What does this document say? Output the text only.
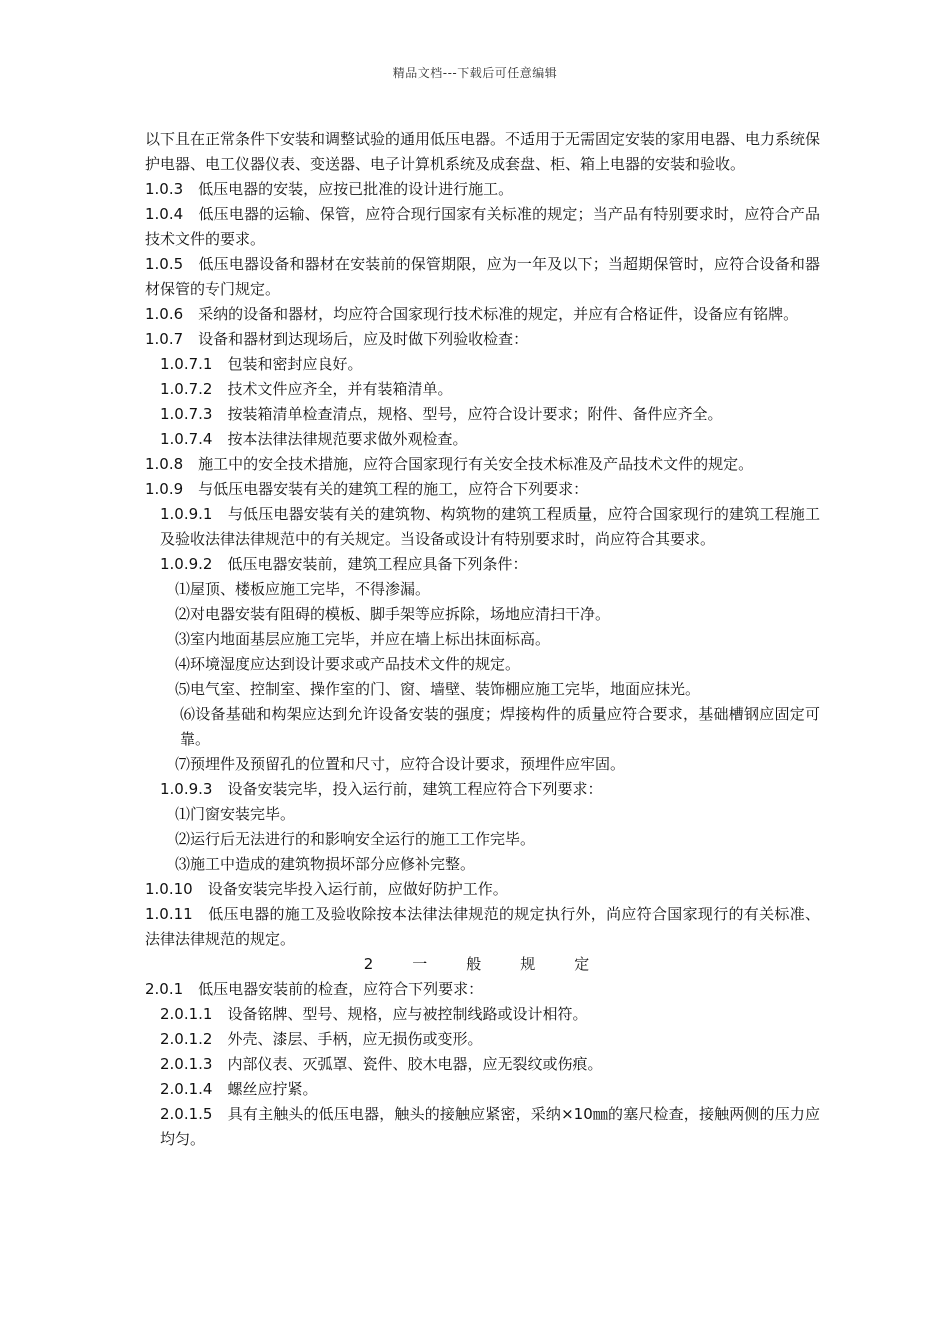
精品文档---下载后可任意编辑

以下且在正常条件下安装和调整试验的通用低压电器。不适用于无需固定安装的家用电器、电力系统保护电器、电工仪器仪表、变送器、电子计算机系统及成套盘、柜、箱上电器的安装和验收。

1.0.3　低压电器的安装，应按已批准的设计进行施工。

1.0.4　低压电器的运输、保管，应符合现行国家有关标准的规定；当产品有特别要求时，应符合产品技术文件的要求。

1.0.5　低压电器设备和器材在安装前的保管期限，应为一年及以下；当超期保管时，应符合设备和器材保管的专门规定。

1.0.6　采纳的设备和器材，均应符合国家现行技术标准的规定，并应有合格证件，设备应有铭牌。

1.0.7　设备和器材到达现场后，应及时做下列验收检查：

1.0.7.1　包装和密封应良好。

1.0.7.2　技术文件应齐全，并有装箱清单。

1.0.7.3　按装箱清单检查清点，规格、型号，应符合设计要求；附件、备件应齐全。

1.0.7.4　按本法律法律规范要求做外观检查。

1.0.8　施工中的安全技术措施，应符合国家现行有关安全技术标准及产品技术文件的规定。

1.0.9　与低压电器安装有关的建筑工程的施工，应符合下列要求：

1.0.9.1　与低压电器安装有关的建筑物、构筑物的建筑工程质量，应符合国家现行的建筑工程施工及验收法律法律规范中的有关规定。当设备或设计有特别要求时，尚应符合其要求。

1.0.9.2　低压电器安装前，建筑工程应具备下列条件：

⑴屋顶、楼板应施工完毕，不得渗漏。

⑵对电器安装有阻碍的模板、脚手架等应拆除，场地应清扫干净。

⑶室内地面基层应施工完毕，并应在墙上标出抹面标高。

⑷环境湿度应达到设计要求或产品技术文件的规定。

⑸电气室、控制室、操作室的门、窗、墙壁、装饰棚应施工完毕，地面应抹光。

⑹设备基础和构架应达到允许设备安装的强度；焊接构件的质量应符合要求，基础槽钢应固定可靠。

⑺预埋件及预留孔的位置和尺寸，应符合设计要求，预埋件应牢固。

1.0.9.3　设备安装完毕，投入运行前，建筑工程应符合下列要求：

⑴门窗安装完毕。

⑵运行后无法进行的和影响安全运行的施工工作完毕。

⑶施工中造成的建筑物损坏部分应修补完整。

1.0.10　设备安装完毕投入运行前，应做好防护工作。

1.0.11　低压电器的施工及验收除按本法律法律规范的规定执行外，尚应符合国家现行的有关标准、法律法律规范的规定。

2　一　般　规　定

2.0.1　低压电器安装前的检查，应符合下列要求：

2.0.1.1　设备铭牌、型号、规格，应与被控制线路或设计相符。

2.0.1.2　外壳、漆层、手柄，应无损伤或变形。

2.0.1.3　内部仪表、灭弧罩、瓷件、胶木电器，应无裂纹或伤痕。

2.0.1.4　螺丝应拧紧。

2.0.1.5　具有主触头的低压电器，触头的接触应紧密，采纳×10㎜的塞尺检查，接触两侧的压力应均匀。
